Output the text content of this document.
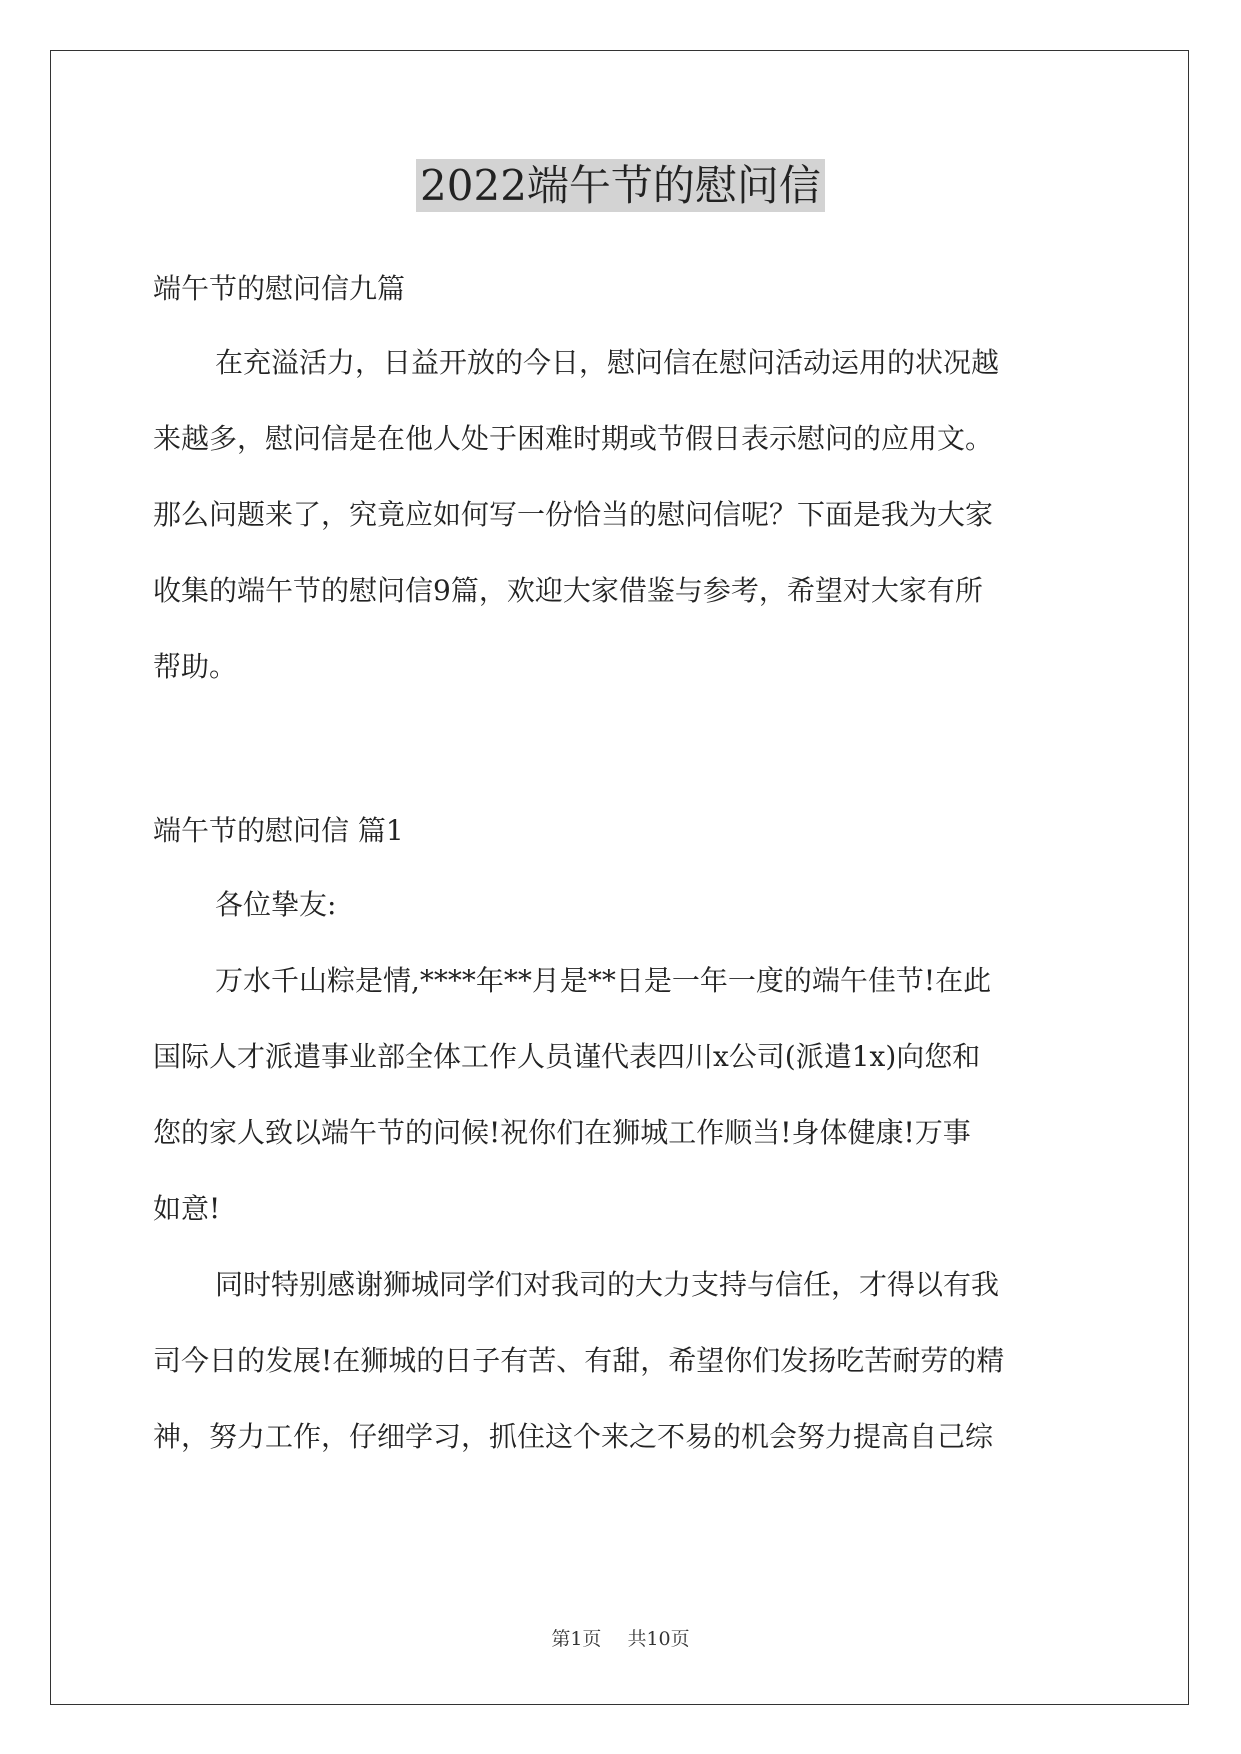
2022端午节的慰问信
端午节的慰问信九篇
在充溢活力，日益开放的今日，慰问信在慰问活动运用的状况越
来越多，慰问信是在他人处于困难时期或节假日表示慰问的应用文。
那么问题来了，究竟应如何写一份恰当的慰问信呢？下面是我为大家
收集的端午节的慰问信9篇，欢迎大家借鉴与参考，希望对大家有所
帮助。
端午节的慰问信 篇1
各位挚友:
万水千山粽是情,****年**月是**日是一年一度的端午佳节!在此
国际人才派遣事业部全体工作人员谨代表四川x公司(派遣1x)向您和
您的家人致以端午节的问候!祝你们在狮城工作顺当!身体健康!万事
如意!
同时特别感谢狮城同学们对我司的大力支持与信任，才得以有我
司今日的发展!在狮城的日子有苦、有甜，希望你们发扬吃苦耐劳的精
神，努力工作，仔细学习，抓住这个来之不易的机会努力提高自己综
第1页 共10页
